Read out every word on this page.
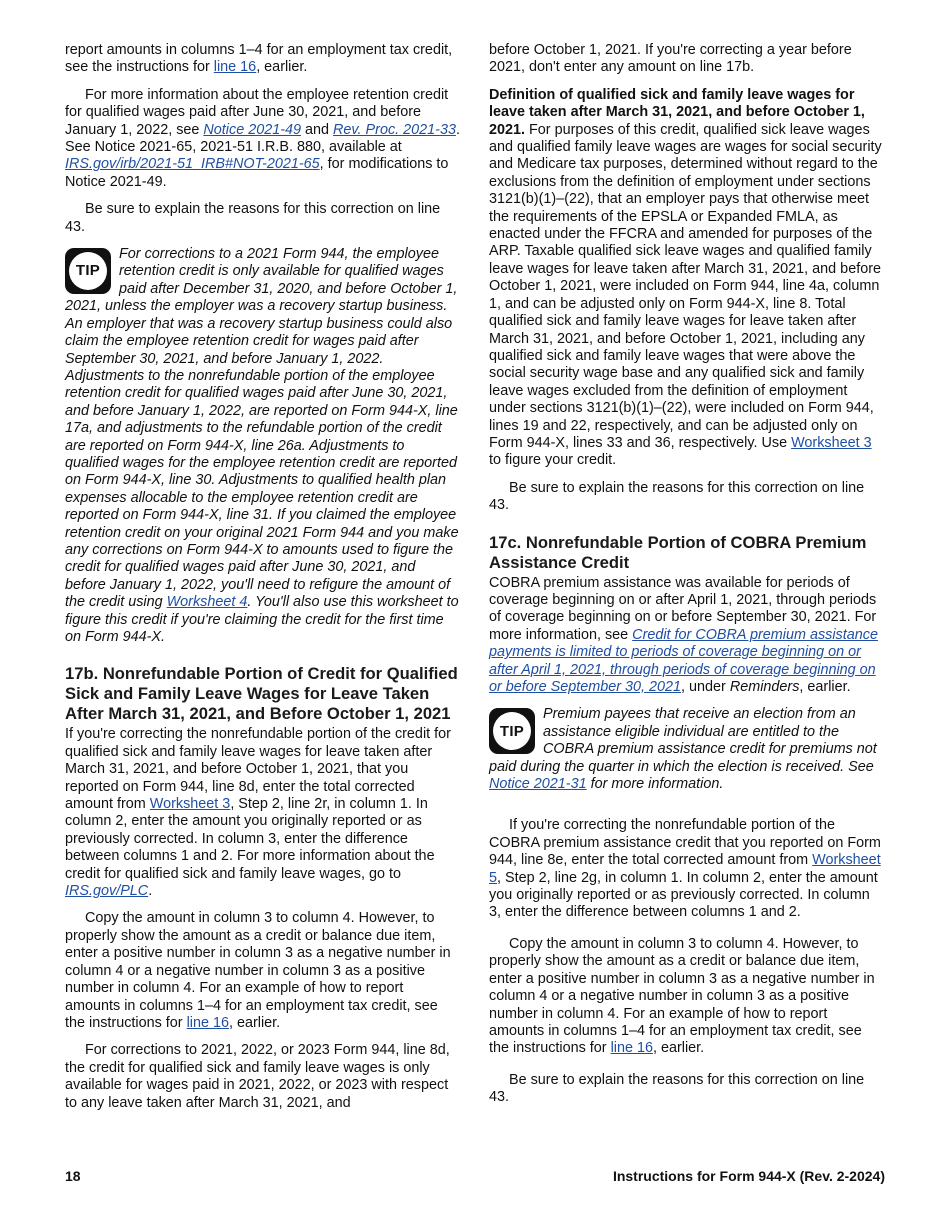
report amounts in columns 1–4 for an employment tax credit, see the instructions for line 16, earlier.

For more information about the employee retention credit for qualified wages paid after June 30, 2021, and before January 1, 2022, see Notice 2021-49 and Rev. Proc. 2021-33. See Notice 2021-65, 2021-51 I.R.B. 880, available at IRS.gov/irb/2021-51_IRB#NOT-2021-65, for modifications to Notice 2021-49.

Be sure to explain the reasons for this correction on line 43.

TIP
For corrections to a 2021 Form 944, the employee retention credit is only available for qualified wages paid after December 31, 2020, and before October 1, 2021, unless the employer was a recovery startup business. An employer that was a recovery startup business could also claim the employee retention credit for wages paid after September 30, 2021, and before January 1, 2022. Adjustments to the nonrefundable portion of the employee retention credit for qualified wages paid after June 30, 2021, and before January 1, 2022, are reported on Form 944-X, line 17a, and adjustments to the refundable portion of the credit are reported on Form 944-X, line 26a. Adjustments to qualified wages for the employee retention credit are reported on Form 944-X, line 30. Adjustments to qualified health plan expenses allocable to the employee retention credit are reported on Form 944-X, line 31. If you claimed the employee retention credit on your original 2021 Form 944 and you make any corrections on Form 944-X to amounts used to figure the credit for qualified wages paid after June 30, 2021, and before January 1, 2022, you'll need to refigure the amount of the credit using Worksheet 4. You'll also use this worksheet to figure this credit if you're claiming the credit for the first time on Form 944-X.
17b. Nonrefundable Portion of Credit for Qualified Sick and Family Leave Wages for Leave Taken After March 31, 2021, and Before October 1, 2021

If you're correcting the nonrefundable portion of the credit for qualified sick and family leave wages for leave taken after March 31, 2021, and before October 1, 2021, that you reported on Form 944, line 8d, enter the total corrected amount from Worksheet 3, Step 2, line 2r, in column 1. In column 2, enter the amount you originally reported or as previously corrected. In column 3, enter the difference between columns 1 and 2. For more information about the credit for qualified sick and family leave wages, go to IRS.gov/PLC.

Copy the amount in column 3 to column 4. However, to properly show the amount as a credit or balance due item, enter a positive number in column 3 as a negative number in column 4 or a negative number in column 3 as a positive number in column 4. For an example of how to report amounts in columns 1–4 for an employment tax credit, see the instructions for line 16, earlier.

For corrections to 2021, 2022, or 2023 Form 944, line 8d, the credit for qualified sick and family leave wages is only available for wages paid in 2021, 2022, or 2023 with respect to any leave taken after March 31, 2021, and

before October 1, 2021. If you're correcting a year before 2021, don't enter any amount on line 17b.

Definition of qualified sick and family leave wages for leave taken after March 31, 2021, and before October 1, 2021. For purposes of this credit, qualified sick leave wages and qualified family leave wages are wages for social security and Medicare tax purposes, determined without regard to the exclusions from the definition of employment under sections 3121(b)(1)–(22), that an employer pays that otherwise meet the requirements of the EPSLA or Expanded FMLA, as enacted under the FFCRA and amended for purposes of the ARP. Taxable qualified sick leave wages and qualified family leave wages for leave taken after March 31, 2021, and before October 1, 2021, were included on Form 944, line 4a, column 1, and can be adjusted only on Form 944-X, line 8. Total qualified sick and family leave wages for leave taken after March 31, 2021, and before October 1, 2021, including any qualified sick and family leave wages that were above the social security wage base and any qualified sick and family leave wages excluded from the definition of employment under sections 3121(b)(1)–(22), were included on Form 944, lines 19 and 22, respectively, and can be adjusted only on Form 944-X, lines 33 and 36, respectively. Use Worksheet 3 to figure your credit.

Be sure to explain the reasons for this correction on line 43.

17c. Nonrefundable Portion of COBRA Premium Assistance Credit

COBRA premium assistance was available for periods of coverage beginning on or after April 1, 2021, through periods of coverage beginning on or before September 30, 2021. For more information, see Credit for COBRA premium assistance payments is limited to periods of coverage beginning on or after April 1, 2021, through periods of coverage beginning on or before September 30, 2021, under Reminders, earlier.

TIP
Premium payees that receive an election from an assistance eligible individual are entitled to the COBRA premium assistance credit for premiums not paid during the quarter in which the election is received. See Notice 2021-31 for more information.

If you're correcting the nonrefundable portion of the COBRA premium assistance credit that you reported on Form 944, line 8e, enter the total corrected amount from Worksheet 5, Step 2, line 2g, in column 1. In column 2, enter the amount you originally reported or as previously corrected. In column 3, enter the difference between columns 1 and 2.

Copy the amount in column 3 to column 4. However, to properly show the amount as a credit or balance due item, enter a positive number in column 3 as a negative number in column 4 or a negative number in column 3 as a positive number in column 4. For an example of how to report amounts in columns 1–4 for an employment tax credit, see the instructions for line 16, earlier.

Be sure to explain the reasons for this correction on line 43.

18	Instructions for Form 944-X (Rev. 2-2024)
